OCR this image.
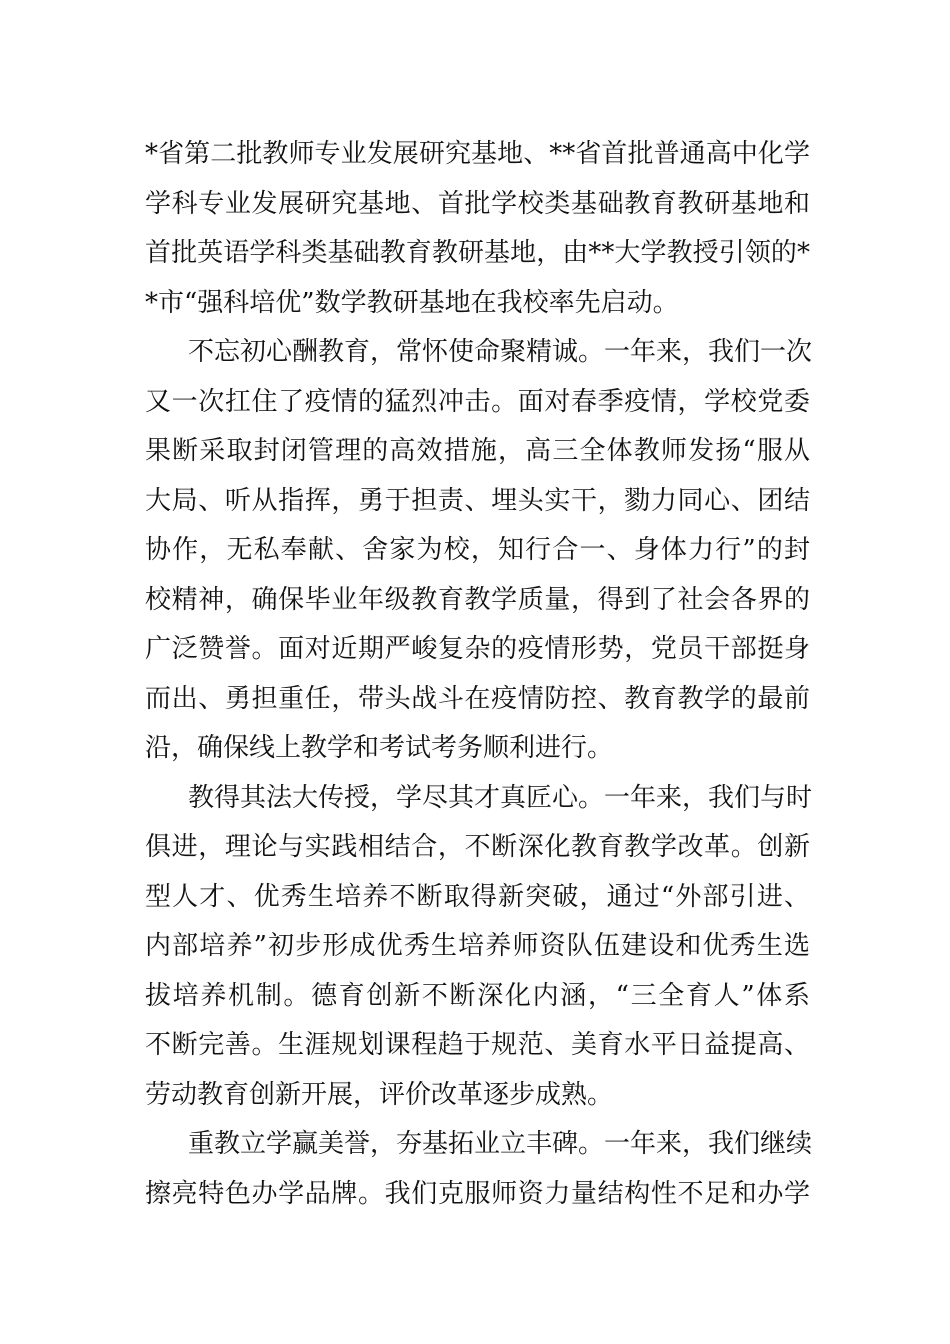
*省第二批教师专业发展研究基地、**省首批普通高中化学
学科专业发展研究基地、首批学校类基础教育教研基地和
首批英语学科类基础教育教研基地，由**大学教授引领的*
*市“强科培优”数学教研基地在我校率先启动。
不忘初心酬教育，常怀使命聚精诚。一年来，我们一次
又一次扛住了疫情的猛烈冲击。面对春季疫情，学校党委
果断采取封闭管理的高效措施，高三全体教师发扬“服从
大局、听从指挥，勇于担责、埋头实干，勠力同心、团结
协作，无私奉献、舍家为校，知行合一、身体力行”的封
校精神，确保毕业年级教育教学质量，得到了社会各界的
广泛赞誉。面对近期严峻复杂的疫情形势，党员干部挺身
而出、勇担重任，带头战斗在疫情防控、教育教学的最前
沿，确保线上教学和考试考务顺利进行。
教得其法大传授，学尽其才真匠心。一年来，我们与时
俱进，理论与实践相结合，不断深化教育教学改革。创新
型人才、优秀生培养不断取得新突破，通过“外部引进、
内部培养”初步形成优秀生培养师资队伍建设和优秀生选
拔培养机制。德育创新不断深化内涵，“三全育人”体系
不断完善。生涯规划课程趋于规范、美育水平日益提高、
劳动教育创新开展，评价改革逐步成熟。
重教立学赢美誉，夯基拓业立丰碑。一年来，我们继续
擦亮特色办学品牌。我们克服师资力量结构性不足和办学
